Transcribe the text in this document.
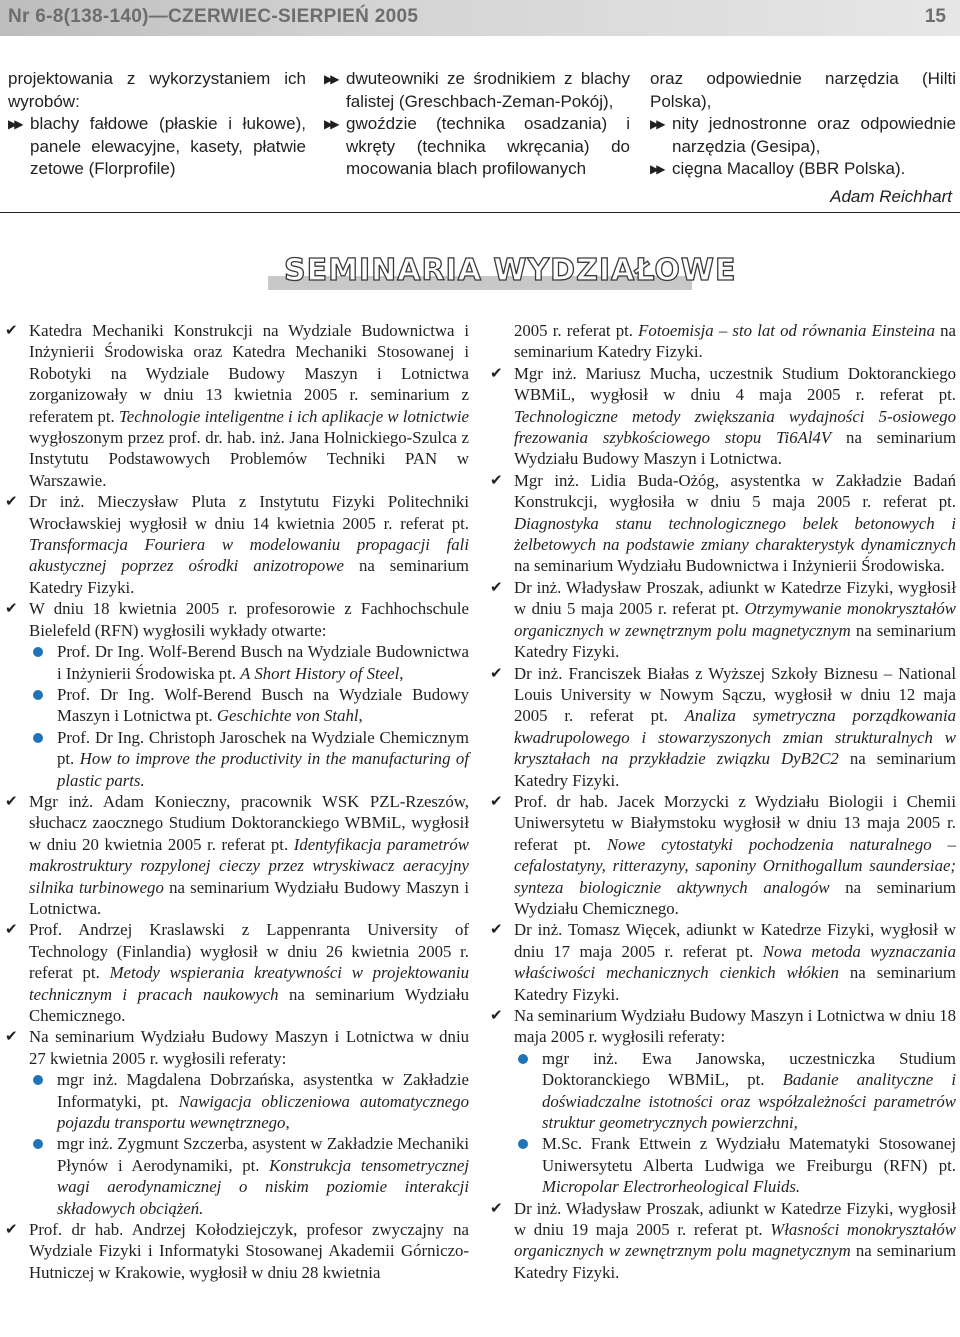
Nr 6-8(138-140)—CZERWIEC-SIERPIEŃ 2005	15
projektowania z wykorzystaniem ich wyrobów:
▶▶ blachy fałdowe (płaskie i łukowe), panele elewacyjne, kasety, płatwie zetowe (Florprofile)
▶▶ dwuteowniki ze środnikiem z blachy falistej (Greschbach-Zeman-Pokój),
▶▶ gwoździe (technika osadzania) i wkręty (technika wkręcania) do mocowania blach profilowanych
oraz odpowiednie narzędzia (Hilti Polska),
▶▶ nity jednostronne oraz odpowiednie narzędzia (Gesipa),
▶▶ cięgna Macalloy (BBR Polska).
Adam Reichhart
SEMINARIA WYDZIAŁOWE

✔ Katedra Mechaniki Konstrukcji na Wydziale Budownictwa i Inżynierii Środowiska oraz Katedra Mechaniki Stosowanej i Robotyki na Wydziale Budowy Maszyn i Lotnictwa zorganizowały w dniu 13 kwietnia 2005 r. seminarium z referatem pt. Technologie inteligentne i ich aplikacje w lotnictwie wygłoszonym przez prof. dr. hab. inż. Jana Holnickiego-Szulca z Instytutu Podstawowych Problemów Techniki PAN w Warszawie.

✔ Dr inż. Mieczysław Pluta z Instytutu Fizyki Politechniki Wrocławskiej wygłosił w dniu 14 kwietnia 2005 r. referat pt. Transformacja Fouriera w modelowaniu propagacji fali akustycznej poprzez ośrodki anizotropowe na seminarium Katedry Fizyki.

✔ W dniu 18 kwietnia 2005 r. profesorowie z Fachhochschule Bielefeld (RFN) wygłosili wykłady otwarte:

Prof. Dr Ing. Wolf-Berend Busch na Wydziale Budownictwa i Inżynierii Środowiska pt. A Short History of Steel,

Prof. Dr Ing. Wolf-Berend Busch na Wydziale Budowy Maszyn i Lotnictwa pt. Geschichte von Stahl,

Prof. Dr Ing. Christoph Jaroschek na Wydziale Chemicznym pt. How to improve the productivity in the manufacturing of plastic parts.

✔ Mgr inż. Adam Konieczny, pracownik WSK PZL-Rzeszów, słuchacz zaocznego Studium Doktoranckiego WBMiL, wygłosił w dniu 20 kwietnia 2005 r. referat pt. Identyfikacja parametrów makrostruktury rozpylonej cieczy przez wtryskiwacz aeracyjny silnika turbinowego na seminarium Wydziału Budowy Maszyn i Lotnictwa.

✔ Prof. Andrzej Kraslawski z Lappenranta University of Technology (Finlandia) wygłosił w dniu 26 kwietnia 2005 r. referat pt. Metody wspierania kreatywności w projektowaniu technicznym i pracach naukowych na seminarium Wydziału Chemicznego.

✔ Na seminarium Wydziału Budowy Maszyn i Lotnictwa w dniu 27 kwietnia 2005 r. wygłosili referaty:

mgr inż. Magdalena Dobrzańska, asystentka w Zakładzie Informatyki, pt. Nawigacja obliczeniowa automatycznego pojazdu transportu wewnętrznego,

mgr inż. Zygmunt Szczerba, asystent w Zakładzie Mechaniki Płynów i Aerodynamiki, pt. Konstrukcja tensometrycznej wagi aerodynamicznej o niskim poziomie interakcji składowych obciążeń.

✔ Prof. dr hab. Andrzej Kołodziejczyk, profesor zwyczajny na Wydziale Fizyki i Informatyki Stosowanej Akademii Górniczo-Hutniczej w Krakowie, wygłosił w dniu 28 kwietnia

2005 r. referat pt. Fotoemisja – sto lat od równania Einsteina na seminarium Katedry Fizyki.

✔ Mgr inż. Mariusz Mucha, uczestnik Studium Doktoranckiego WBMiL, wygłosił w dniu 4 maja 2005 r. referat pt. Technologiczne metody zwiększania wydajności 5-osiowego frezowania szybkościowego stopu Ti6Al4V na seminarium Wydziału Budowy Maszyn i Lotnictwa.

✔ Mgr inż. Lidia Buda-Ożóg, asystentka w Zakładzie Badań Konstrukcji, wygłosiła w dniu 5 maja 2005 r. referat pt. Diagnostyka stanu technologicznego belek betonowych i żelbetowych na podstawie zmiany charakterystyk dynamicznych na seminarium Wydziału Budownictwa i Inżynierii Środowiska.

✔ Dr inż. Władysław Proszak, adiunkt w Katedrze Fizyki, wygłosił w dniu 5 maja 2005 r. referat pt. Otrzymywanie monokryształów organicznych w zewnętrznym polu magnetycznym na seminarium Katedry Fizyki.

✔ Dr inż. Franciszek Białas z Wyższej Szkoły Biznesu – National Louis University w Nowym Sączu, wygłosił w dniu 12 maja 2005 r. referat pt. Analiza symetryczna porządkowania kwadrupolowego i stowarzyszonych zmian strukturalnych w kryształach na przykładzie związku DyB2C2 na seminarium Katedry Fizyki.

✔ Prof. dr hab. Jacek Morzycki z Wydziału Biologii i Chemii Uniwersytetu w Białymstoku wygłosił w dniu 13 maja 2005 r. referat pt. Nowe cytostatyki pochodzenia naturalnego – cefalostatyny, ritterazyny, saponiny Ornithogallum saundersiae; synteza biologicznie aktywnych analogów na seminarium Wydziału Chemicznego.

✔ Dr inż. Tomasz Więcek, adiunkt w Katedrze Fizyki, wygłosił w dniu 17 maja 2005 r. referat pt. Nowa metoda wyznaczania właściwości mechanicznych cienkich włókien na seminarium Katedry Fizyki.

✔ Na seminarium Wydziału Budowy Maszyn i Lotnictwa w dniu 18 maja 2005 r. wygłosili referaty:

mgr inż. Ewa Janowska, uczestniczka Studium Doktoranckiego WBMiL, pt. Badanie analityczne i doświadczalne istotności oraz współzależności parametrów struktur geometrycznych powierzchni,

M.Sc. Frank Ettwein z Wydziału Matematyki Stosowanej Uniwersytetu Alberta Ludwiga we Freiburgu (RFN) pt. Micropolar Electrorheological Fluids.

✔ Dr inż. Władysław Proszak, adiunkt w Katedrze Fizyki, wygłosił w dniu 19 maja 2005 r. referat pt. Własności monokryształów organicznych w zewnętrznym polu magnetycznym na seminarium Katedry Fizyki.
